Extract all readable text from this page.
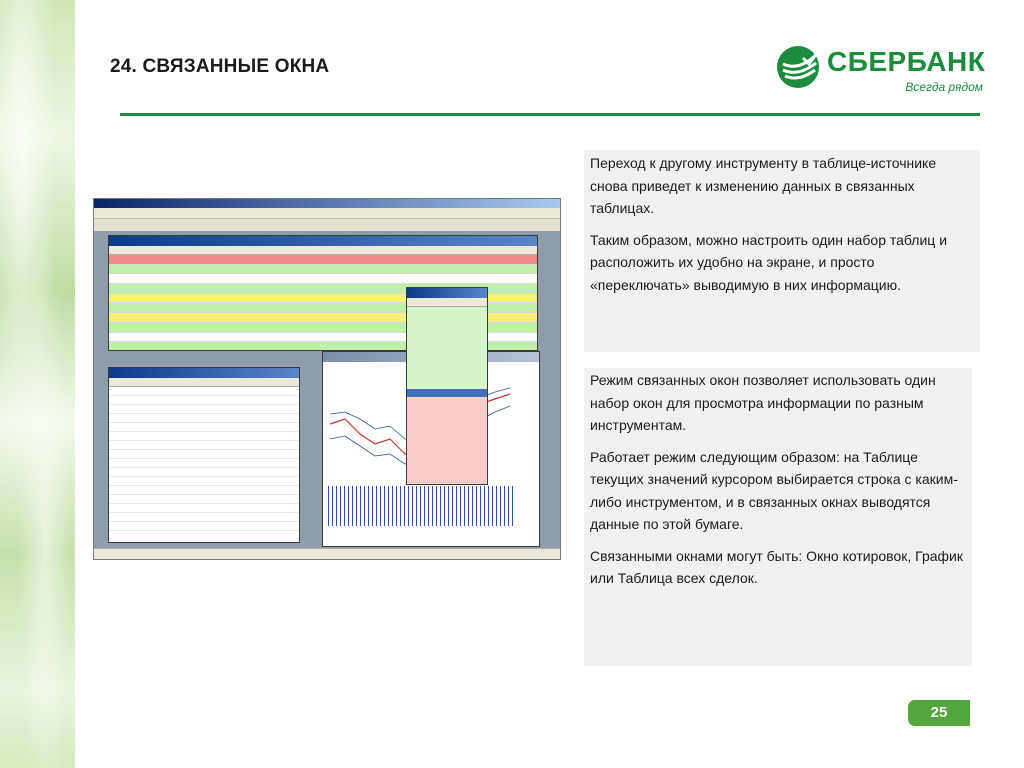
24. СВЯЗАННЫЕ ОКНА	СБЕРБАНК
Всегда рядом

Переход к другому инструменту в таблице-источнике снова приведет к изменению данных в связанных таблицах.

Таким образом, можно настроить один набор таблиц и расположить их удобно на экране, и просто «переключать» выводимую в них информацию.

Режим связанных окон позволяет использовать один набор окон для просмотра информации по разным инструментам.

Работает режим следующим образом: на Таблице текущих значений курсором выбирается строка с каким-либо инструментом, и в связанных окнах выводятся данные по этой бумаге.

Связанными окнами могут быть: Окно котировок, График или Таблица всех сделок.

25
